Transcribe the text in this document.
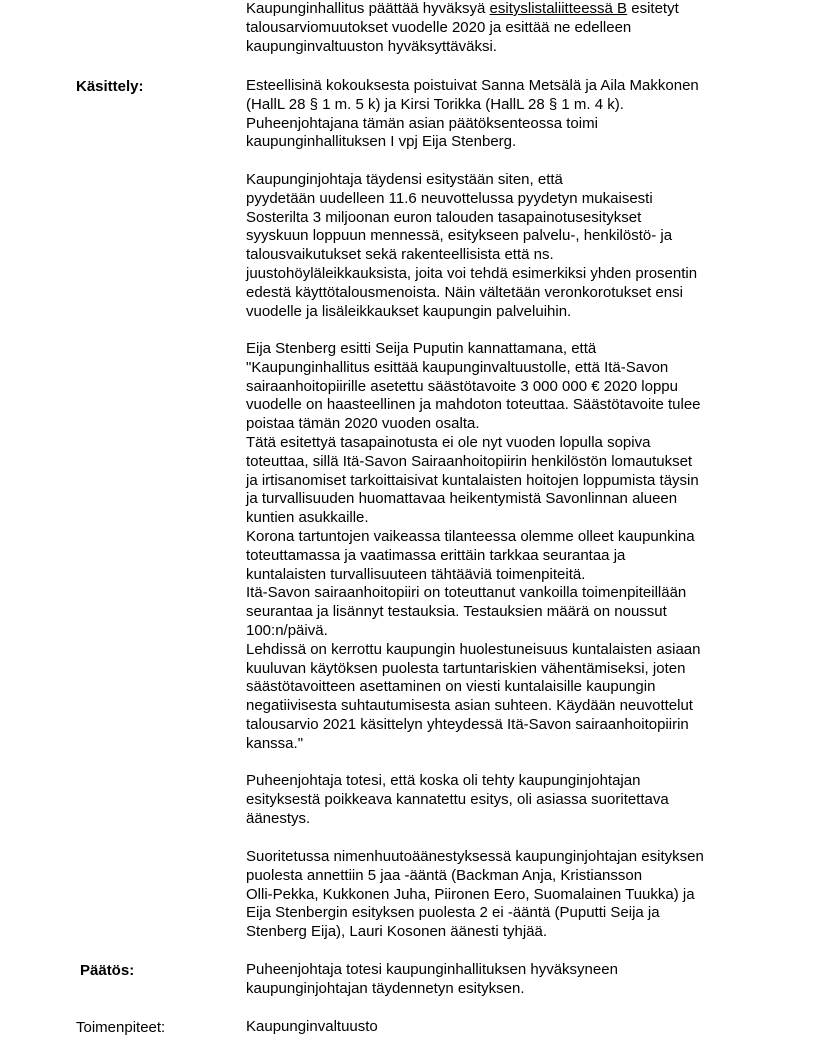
Kaupunginhallitus päättää hyväksyä esityslistaliitteessä B esitetyt
talousarviomuutokset vuodelle 2020 ja esittää ne edelleen
kaupunginvaltuuston hyväksyttäväksi.
Käsittely:	Esteellisinä kokouksesta poistuivat Sanna Metsälä ja Aila Makkonen
(HallL 28 § 1 m. 5 k) ja Kirsi Torikka (HallL 28 § 1 m. 4 k).
Puheenjohtajana tämän asian päätöksenteossa toimi
kaupunginhallituksen I vpj Eija Stenberg.
Kaupunginjohtaja täydensi esitystään siten, että
pyydetään uudelleen 11.6 neuvottelussa pyydetyn mukaisesti
Sosterilta 3 miljoonan euron talouden tasapainotusesitykset
syyskuun loppuun mennessä, esitykseen palvelu-, henkilöstö- ja
talousvaikutukset sekä rakenteellisista että ns.
juustohöyläleikkauksista, joita voi tehdä esimerkiksi yhden prosentin
edestä käyttötalousmenoista. Näin vältetään veronkorotukset ensi
vuodelle ja lisäleikkaukset kaupungin palveluihin.
Eija Stenberg esitti Seija Puputin kannattamana, että
"Kaupunginhallitus esittää kaupunginvaltuustolle, että Itä-Savon
sairaanhoitopiirille asetettu säästötavoite 3 000 000 € 2020 loppu
vuodelle on haasteellinen ja mahdoton toteuttaa. Säästötavoite tulee
poistaa tämän 2020 vuoden osalta.
Tätä esitettyä tasapainotusta ei ole nyt vuoden lopulla sopiva
toteuttaa, sillä Itä-Savon Sairaanhoitopiirin henkilöstön lomautukset
ja irtisanomiset tarkoittaisivat kuntalaisten hoitojen loppumista täysin
ja turvallisuuden huomattavaa heikentymistä Savonlinnan alueen
kuntien asukkaille.
Korona tartuntojen vaikeassa tilanteessa olemme olleet kaupunkina
toteuttamassa ja vaatimassa erittäin tarkkaa seurantaa ja
kuntalaisten turvallisuuteen tähtääviä toimenpiteitä.
Itä-Savon sairaanhoitopiiri on toteuttanut vankoilla toimenpiteillään
seurantaa ja lisännyt testauksia. Testauksien määrä on noussut
100:n/päivä.
Lehdissä on kerrottu kaupungin huolestuneisuus kuntalaisten asiaan
kuuluvan käytöksen puolesta tartuntariskien vähentämiseksi, joten
säästötavoitteen asettaminen on viesti kuntalaisille kaupungin
negatiivisesta suhtautumisesta asian suhteen. Käydään neuvottelut
talousarvio 2021 käsittelyn yhteydessä Itä-Savon sairaanhoitopiirin
kanssa."
Puheenjohtaja totesi, että koska oli tehty kaupunginjohtajan
esityksestä poikkeava kannatettu esitys, oli asiassa suoritettava
äänestys.
Suoritetussa nimenhuutoäänestyksessä kaupunginjohtajan esityksen
puolesta annettiin 5 jaa -ääntä (Backman Anja, Kristiansson
Olli-Pekka, Kukkonen Juha, Piironen Eero, Suomalainen Tuukka) ja
Eija Stenbergin esityksen puolesta 2 ei -ääntä (Puputti Seija ja
Stenberg Eija), Lauri Kosonen äänesti tyhjää.
Päätös:	Puheenjohtaja totesi kaupunginhallituksen hyväksyneen
kaupunginjohtajan täydennetyn esityksen.
Toimenpiteet:	Kaupunginvaltuusto
